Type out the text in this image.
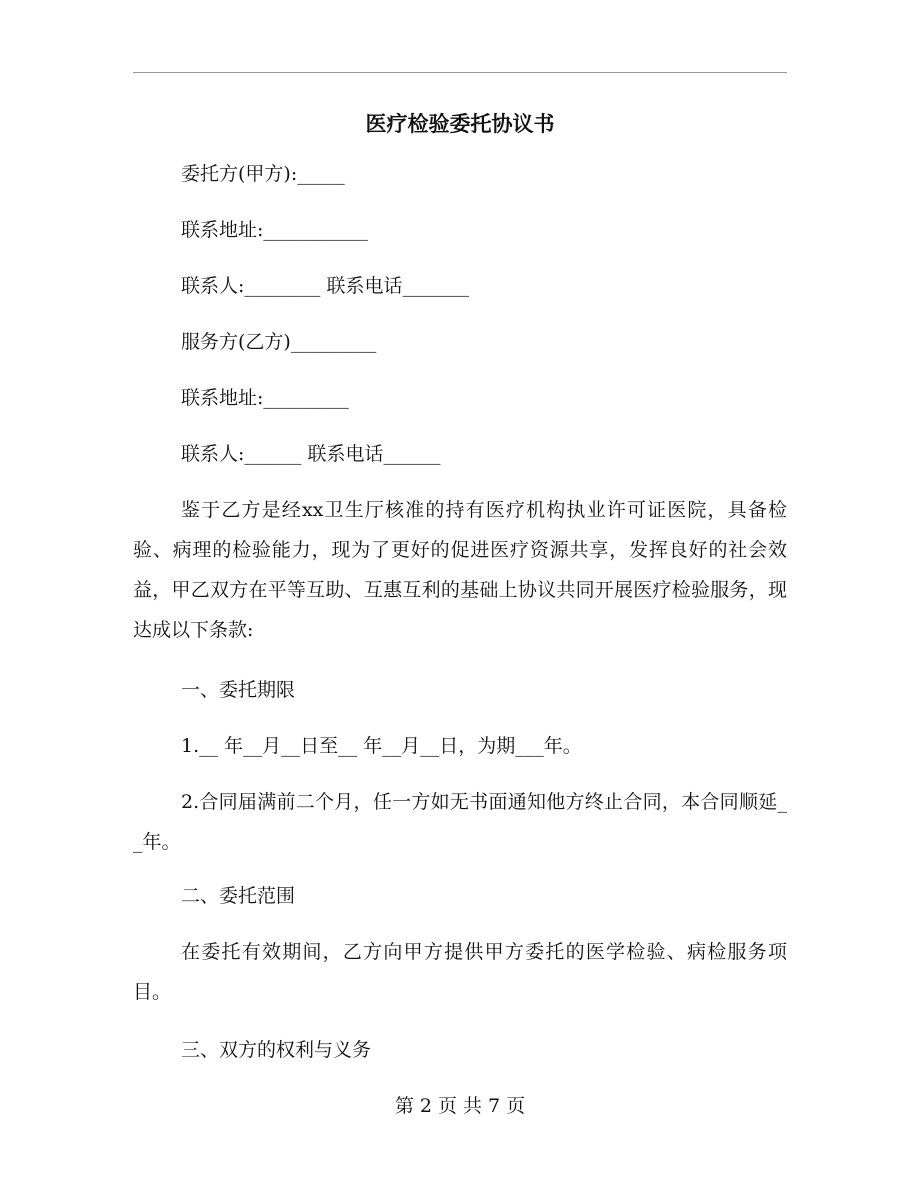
医疗检验委托协议书
委托方(甲方):_____
联系地址:___________
联系人:________ 联系电话_______
服务方(乙方)_________
联系地址:_________
联系人:______ 联系电话______
鉴于乙方是经xx卫生厅核准的持有医疗机构执业许可证医院，具备检验、病理的检验能力，现为了更好的促进医疗资源共享，发挥良好的社会效益，甲乙双方在平等互助、互惠互利的基础上协议共同开展医疗检验服务，现达成以下条款:
一、委托期限
1.__ 年__月__日至__ 年__月__日，为期___年。
2.合同届满前二个月，任一方如无书面通知他方终止合同，本合同顺延__年。
二、委托范围
在委托有效期间，乙方向甲方提供甲方委托的医学检验、病检服务项目。
三、双方的权利与义务
第 2 页 共 7 页
